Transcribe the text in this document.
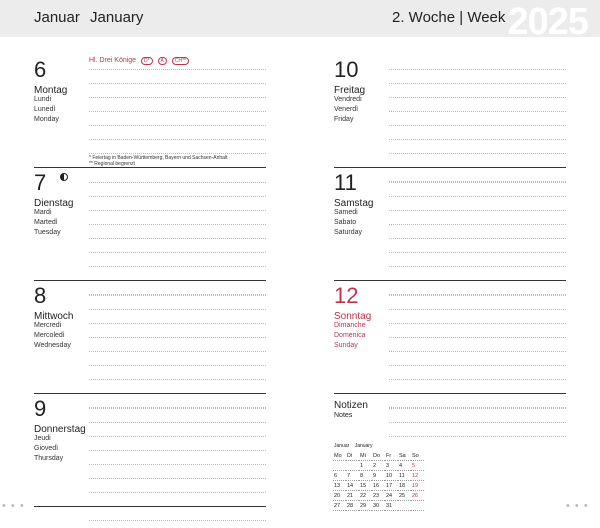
Januar January	2. Woche | Week 2025
6
Montag
Lundi
Lunedì
Monday
Hl. Drei Könige D* A CH**
* Feiertag in Baden-Württemberg, Bayern und Sachsen-Anhalt
** Regional begrenzt
7
Dienstag
Mardi
Martedì
Tuesday
8
Mittwoch
Mercredi
Mercoledì
Wednesday
9
Donnerstag
Jeudi
Giovedì
Thursday
10
Freitag
Vendredi
Venerdì
Friday
11
Samstag
Samedi
Sabato
Saturday
12
Sonntag
Dimanche
Domenica
Sunday
Notizen
Notes
Januar January
Mo	Di	Mi	Do	Fr	Sa	So
		1	2	3	4	5
6	7	8	9	10	11	12
13	14	15	16	17	18	19
20	21	22	23	24	25	26
27	28	29	30	31		
• • •	• • •
